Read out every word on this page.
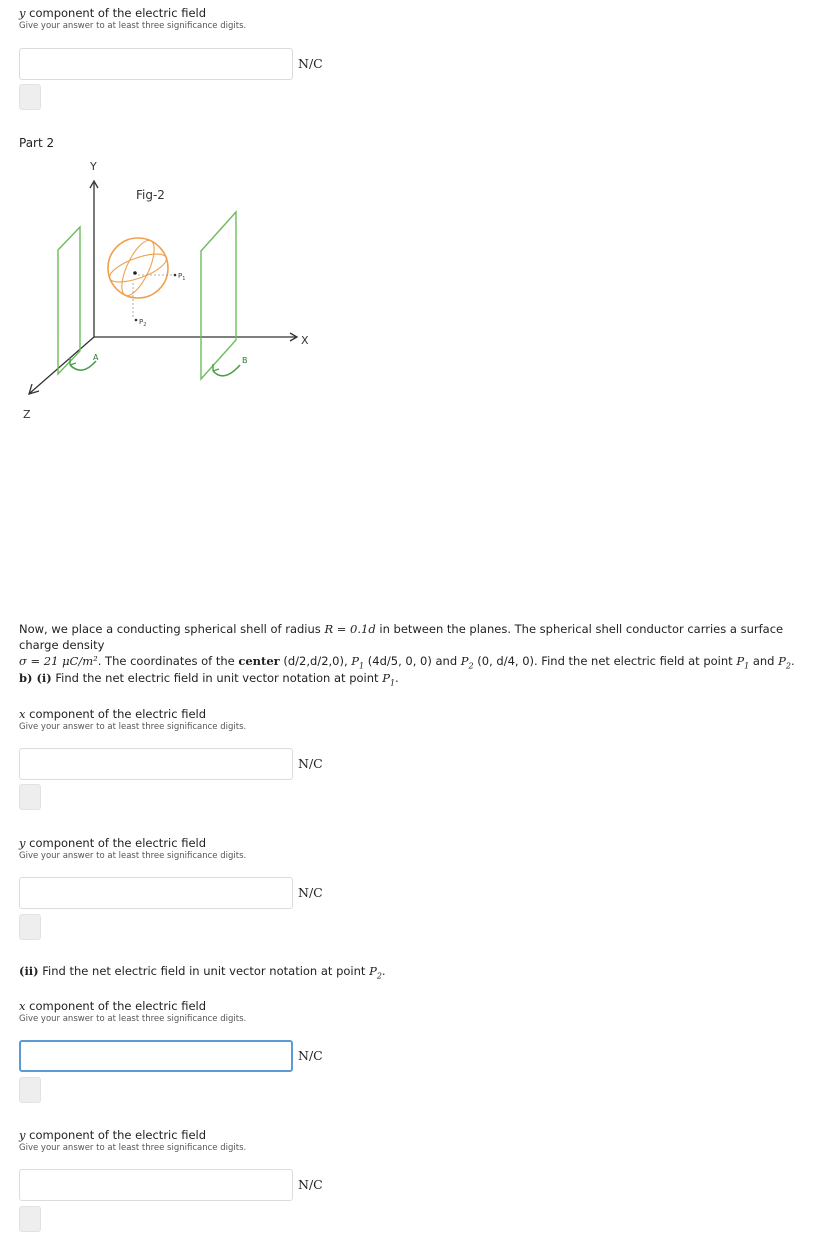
y component of the electric field
Give your answer to at least three significance digits.
N/C
Part 2
Y
X
Z
Fig-2
A	B
$P_1$
$P_2$
Now, we place a conducting spherical shell of radius R = 0.1d in between the planes. The spherical shell conductor carries a surface charge density
σ = 21 μC/m². The coordinates of the center (d/2,d/2,0), $P_1$ (4d/5, 0, 0) and $P_2$ (0, d/4, 0). Find the net electric field at point $P_1$ and $P_2$.
b) (i) Find the net electric field in unit vector notation at point $P_1$.
x component of the electric field
Give your answer to at least three significance digits.
N/C
y component of the electric field
Give your answer to at least three significance digits.
N/C
(ii) Find the net electric field in unit vector notation at point $P_2$.
x component of the electric field
Give your answer to at least three significance digits.
N/C
y component of the electric field
Give your answer to at least three significance digits.
N/C
